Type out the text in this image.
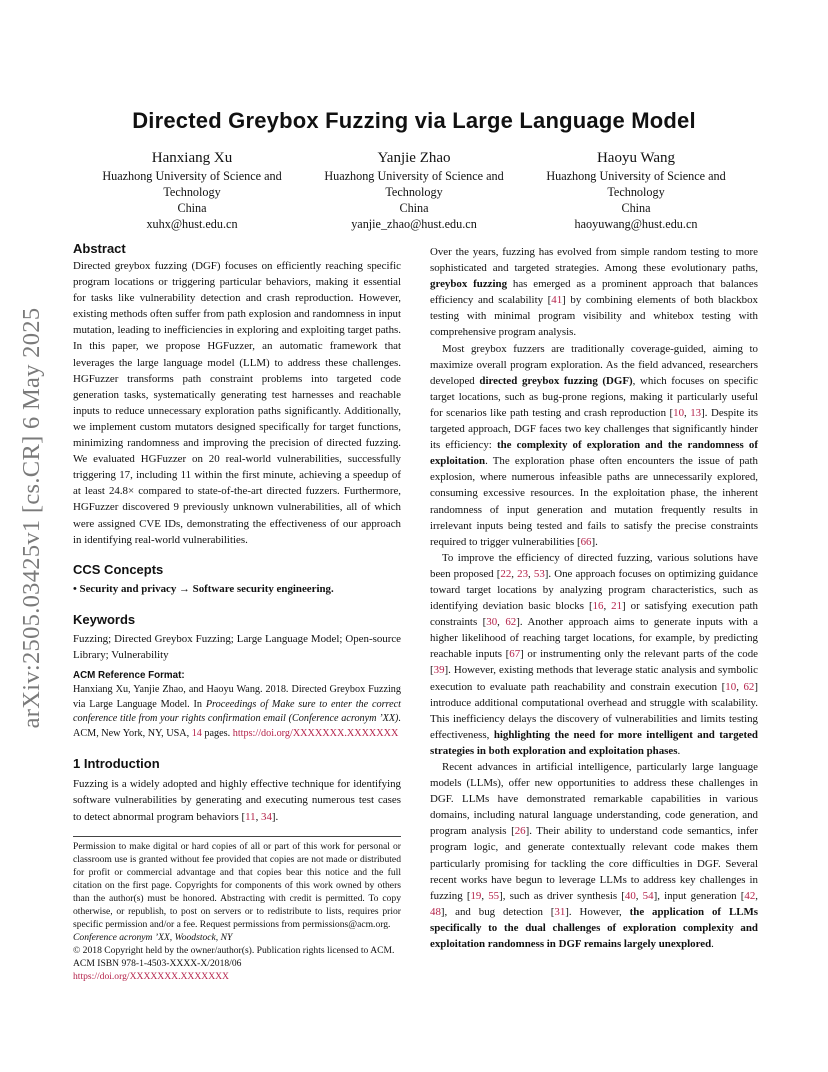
arXiv:2505.03425v1 [cs.CR] 6 May 2025
Directed Greybox Fuzzing via Large Language Model
Hanxiang Xu
Huazhong University of Science and
Technology
China
xuhx@hust.edu.cn
Yanjie Zhao
Huazhong University of Science and
Technology
China
yanjie_zhao@hust.edu.cn
Haoyu Wang
Huazhong University of Science and
Technology
China
haoyuwang@hust.edu.cn
Abstract

Directed greybox fuzzing (DGF) focuses on efficiently reaching specific program locations or triggering particular behaviors, making it essential for tasks like vulnerability detection and crash reproduction. However, existing methods often suffer from path explosion and randomness in input mutation, leading to inefficiencies in exploring and exploiting target paths. In this paper, we propose HGFuzzer, an automatic framework that leverages the large language model (LLM) to address these challenges. HGFuzzer transforms path constraint problems into targeted code generation tasks, systematically generating test harnesses and reachable inputs to reduce unnecessary exploration paths significantly. Additionally, we implement custom mutators designed specifically for target functions, minimizing randomness and improving the precision of directed fuzzing. We evaluated HGFuzzer on 20 real-world vulnerabilities, successfully triggering 17, including 11 within the first minute, achieving a speedup of at least 24.8× compared to state-of-the-art directed fuzzers. Furthermore, HGFuzzer discovered 9 previously unknown vulnerabilities, all of which were assigned CVE IDs, demonstrating the effectiveness of our approach in identifying real-world vulnerabilities.

CCS Concepts

• Security and privacy → Software security engineering.

Keywords

Fuzzing; Directed Greybox Fuzzing; Large Language Model; Open-source Library; Vulnerability

ACM Reference Format:

Hanxiang Xu, Yanjie Zhao, and Haoyu Wang. 2018. Directed Greybox Fuzzing via Large Language Model. In Proceedings of Make sure to enter the correct conference title from your rights confirmation email (Conference acronym ’XX). ACM, New York, NY, USA, 14 pages. https://doi.org/XXXXXXX.XXXXXXX

1 Introduction

Fuzzing is a widely adopted and highly effective technique for identifying software vulnerabilities by generating and executing numerous test cases to detect abnormal program behaviors [11, 34].

Permission to make digital or hard copies of all or part of this work for personal or classroom use is granted without fee provided that copies are not made or distributed for profit or commercial advantage and that copies bear this notice and the full citation on the first page. Copyrights for components of this work owned by others than the author(s) must be honored. Abstracting with credit is permitted. To copy otherwise, or republish, to post on servers or to redistribute to lists, requires prior specific permission and/or a fee. Request permissions from permissions@acm.org.

Conference acronym ’XX, Woodstock, NY
© 2018 Copyright held by the owner/author(s). Publication rights licensed to ACM.
ACM ISBN 978-1-4503-XXXX-X/2018/06
https://doi.org/XXXXXXX.XXXXXXX

Over the years, fuzzing has evolved from simple random testing to more sophisticated and targeted strategies. Among these evolutionary paths, greybox fuzzing has emerged as a prominent approach that balances efficiency and scalability [41] by combining elements of both blackbox testing with minimal program visibility and whitebox testing with comprehensive program analysis.

Most greybox fuzzers are traditionally coverage-guided, aiming to maximize overall program exploration. As the field advanced, researchers developed directed greybox fuzzing (DGF), which focuses on specific target locations, such as bug-prone regions, making it particularly useful for scenarios like path testing and crash reproduction [10, 13]. Despite its targeted approach, DGF faces two key challenges that significantly hinder its efficiency: the complexity of exploration and the randomness of exploitation. The exploration phase often encounters the issue of path explosion, where numerous infeasible paths are unnecessarily explored, consuming excessive resources. In the exploitation phase, the inherent randomness of input generation and mutation frequently results in irrelevant inputs being tested and fails to satisfy the precise constraints required to trigger vulnerabilities [66].

To improve the efficiency of directed fuzzing, various solutions have been proposed [22, 23, 53]. One approach focuses on optimizing guidance toward target locations by analyzing program characteristics, such as identifying deviation basic blocks [16, 21] or satisfying execution path constraints [30, 62]. Another approach aims to generate inputs with a higher likelihood of reaching target locations, for example, by predicting reachable inputs [67] or instrumenting only the relevant parts of the code [39]. However, existing methods that leverage static analysis and symbolic execution to evaluate path reachability and constrain execution [10, 62] introduce additional computational overhead and struggle with scalability. This inefficiency delays the discovery of vulnerabilities and limits testing effectiveness, highlighting the need for more intelligent and targeted strategies in both exploration and exploitation phases.

Recent advances in artificial intelligence, particularly large language models (LLMs), offer new opportunities to address these challenges in DGF. LLMs have demonstrated remarkable capabilities in various domains, including natural language understanding, code generation, and program analysis [26]. Their ability to understand code semantics, infer program logic, and generate contextually relevant code makes them particularly promising for tackling the core difficulties in DGF. Several recent works have begun to leverage LLMs to address key challenges in fuzzing [19, 55], such as driver synthesis [40, 54], input generation [42, 48], and bug detection [31]. However, the application of LLMs specifically to the dual challenges of exploration complexity and exploitation randomness in DGF remains largely unexplored.
